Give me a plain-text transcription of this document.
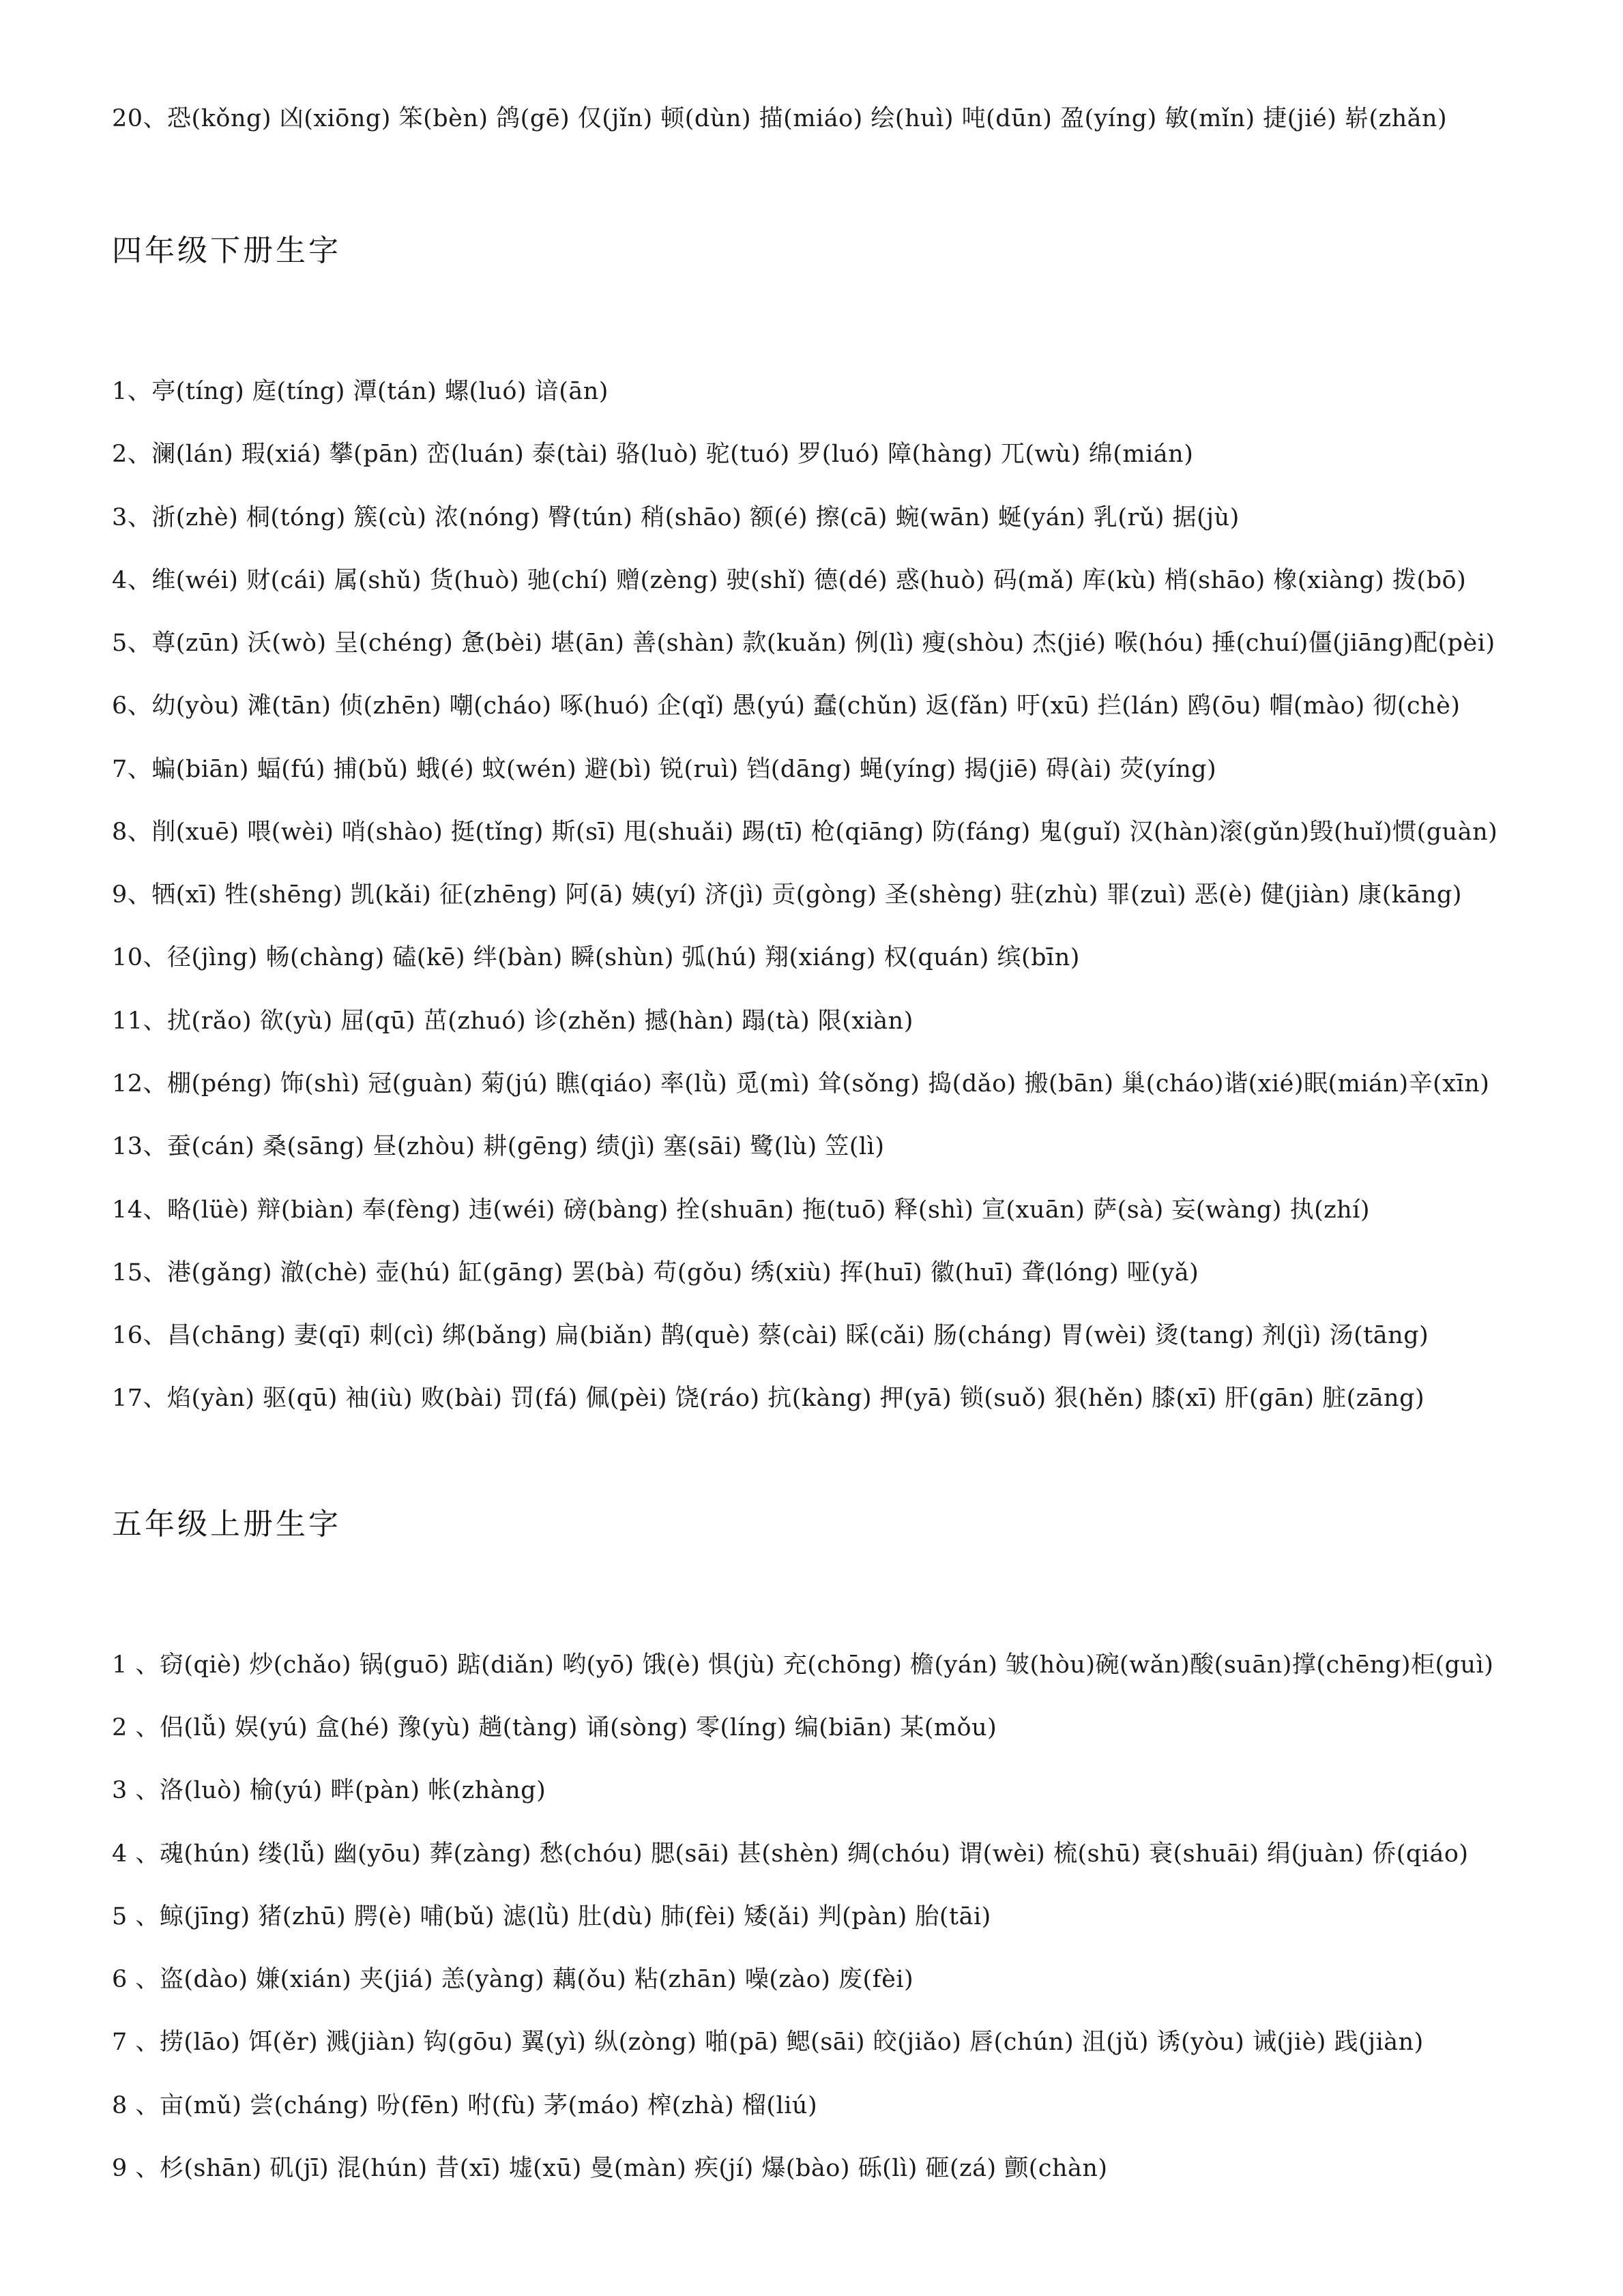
20、恐(kǒng) 凶(xiōng) 笨(bèn) 鸽(gē) 仅(jǐn) 顿(dùn) 描(miáo) 绘(huì) 吨(dūn) 盈(yíng) 敏(mǐn) 捷(jié) 崭(zhǎn)
四年级下册生字
1、亭(tíng) 庭(tíng) 潭(tán) 螺(luó) 谙(ān)
2、澜(lán) 瑕(xiá) 攀(pān) 峦(luán) 泰(tài) 骆(luò) 驼(tuó) 罗(luó) 障(hàng) 兀(wù) 绵(mián)
3、浙(zhè) 桐(tóng) 簇(cù) 浓(nóng) 臀(tún) 稍(shāo) 额(é) 擦(cā) 蜿(wān) 蜒(yán) 乳(rǔ) 据(jù)
4、维(wéi) 财(cái) 属(shǔ) 货(huò) 驰(chí) 赠(zèng) 驶(shǐ) 德(dé) 惑(huò) 码(mǎ) 库(kù) 梢(shāo) 橡(xiàng) 拨(bō)
5、尊(zūn) 沃(wò) 呈(chéng) 惫(bèi) 堪(ān) 善(shàn) 款(kuǎn) 例(lì) 瘦(shòu) 杰(jié) 喉(hóu) 捶(chuí)僵(jiāng)配(pèi)
6、幼(yòu) 滩(tān) 侦(zhēn) 嘲(cháo) 啄(huó) 企(qǐ) 愚(yú) 蠢(chǔn) 返(fǎn) 吁(xū) 拦(lán) 鸥(ōu) 帽(mào) 彻(chè)
7、蝙(biān) 蝠(fú) 捕(bǔ) 蛾(é) 蚊(wén) 避(bì) 锐(ruì) 铛(dāng) 蝇(yíng) 揭(jiē) 碍(ài) 荧(yíng)
8、削(xuē) 喂(wèi) 哨(shào) 挺(tǐng) 斯(sī) 甩(shuǎi) 踢(tī) 枪(qiāng) 防(fáng) 鬼(guǐ) 汉(hàn)滚(gǔn)毁(huǐ)惯(guàn)
9、牺(xī) 牲(shēng) 凯(kǎi) 征(zhēng) 阿(ā) 姨(yí) 济(jì) 贡(gòng) 圣(shèng) 驻(zhù) 罪(zuì) 恶(è) 健(jiàn) 康(kāng)
10、径(jìng) 畅(chàng) 磕(kē) 绊(bàn) 瞬(shùn) 弧(hú) 翔(xiáng) 权(quán) 缤(bīn)
11、扰(rǎo) 欲(yù) 屈(qū) 茁(zhuó) 诊(zhěn) 撼(hàn) 蹋(tà) 限(xiàn)
12、棚(péng) 饰(shì) 冠(guàn) 菊(jú) 瞧(qiáo) 率(lǜ) 觅(mì) 耸(sǒng) 捣(dǎo) 搬(bān) 巢(cháo)谐(xié)眠(mián)辛(xīn)
13、蚕(cán) 桑(sāng) 昼(zhòu) 耕(gēng) 绩(jì) 塞(sāi) 鹭(lù) 笠(lì)
14、略(lüè) 辩(biàn) 奉(fèng) 违(wéi) 磅(bàng) 拴(shuān) 拖(tuō) 释(shì) 宣(xuān) 萨(sà) 妄(wàng) 执(zhí)
15、港(gǎng) 澈(chè) 壶(hú) 缸(gāng) 罢(bà) 苟(gǒu) 绣(xiù) 挥(huī) 徽(huī) 聋(lóng) 哑(yǎ)
16、昌(chāng) 妻(qī) 刺(cì) 绑(bǎng) 扁(biǎn) 鹊(què) 蔡(cài) 睬(cǎi) 肠(cháng) 胃(wèi) 烫(tang) 剂(jì) 汤(tāng)
17、焰(yàn) 驱(qū) 袖(iù) 败(bài) 罚(fá) 佩(pèi) 饶(ráo) 抗(kàng) 押(yā) 锁(suǒ) 狠(hěn) 膝(xī) 肝(gān) 脏(zāng)
五年级上册生字
1 、窃(qiè) 炒(chǎo) 锅(guō) 踮(diǎn) 哟(yō) 饿(è) 惧(jù) 充(chōng) 檐(yán) 皱(hòu)碗(wǎn)酸(suān)撑(chēng)柜(guì)
2 、侣(lǚ) 娱(yú) 盒(hé) 豫(yù) 趟(tàng) 诵(sòng) 零(líng) 编(biān) 某(mǒu)
3 、洛(luò) 榆(yú) 畔(pàn) 帐(zhàng)
4 、魂(hún) 缕(lǚ) 幽(yōu) 葬(zàng) 愁(chóu) 腮(sāi) 甚(shèn) 绸(chóu) 谓(wèi) 梳(shū) 衰(shuāi) 绢(juàn) 侨(qiáo)
5 、鲸(jīng) 猪(zhū) 腭(è) 哺(bǔ) 滤(lǜ) 肚(dù) 肺(fèi) 矮(ǎi) 判(pàn) 胎(tāi)
6 、盗(dào) 嫌(xián) 夹(jiá) 恙(yàng) 藕(ǒu) 粘(zhān) 噪(zào) 废(fèi)
7 、捞(lāo) 饵(ěr) 溅(jiàn) 钩(gōu) 翼(yì) 纵(zòng) 啪(pā) 鳃(sāi) 皎(jiǎo) 唇(chún) 沮(jǔ) 诱(yòu) 诫(jiè) 践(jiàn)
8 、亩(mǔ) 尝(cháng) 吩(fēn) 咐(fù) 茅(máo) 榨(zhà) 榴(liú)
9 、杉(shān) 矶(jī) 混(hún) 昔(xī) 墟(xū) 曼(màn) 疾(jí) 爆(bào) 砾(lì) 砸(zá) 颤(chàn)
